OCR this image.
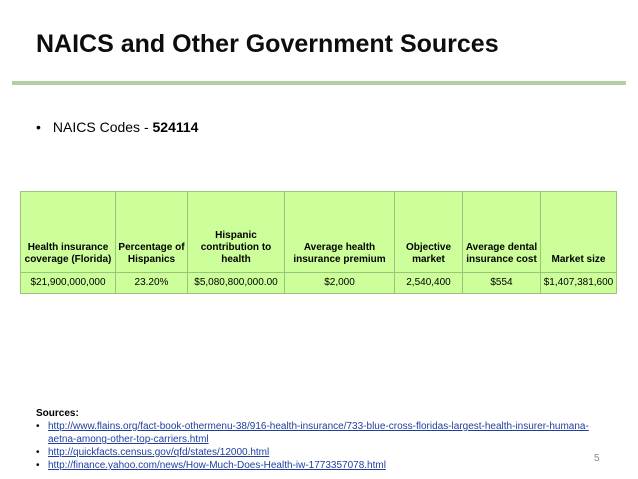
NAICS and Other Government Sources
• NAICS Codes - 524114
Health insurance coverage (Florida)	Percentage of Hispanics	Hispanic contribution to health	Average health insurance premium	Objective market	Average dental insurance cost	Market size
$21,900,000,000	23.20%	$5,080,800,000.00	$2,000	2,540,400	$554	$1,407,381,600
Sources:
• http://www.flains.org/fact-book-othermenu-38/916-health-insurance/733-blue-cross-floridas-largest-health-insurer-humana-aetna-among-other-top-carriers.html
• http://quickfacts.census.gov/qfd/states/12000.html
• http://finance.yahoo.com/news/How-Much-Does-Health-iw-1773357078.html
5
